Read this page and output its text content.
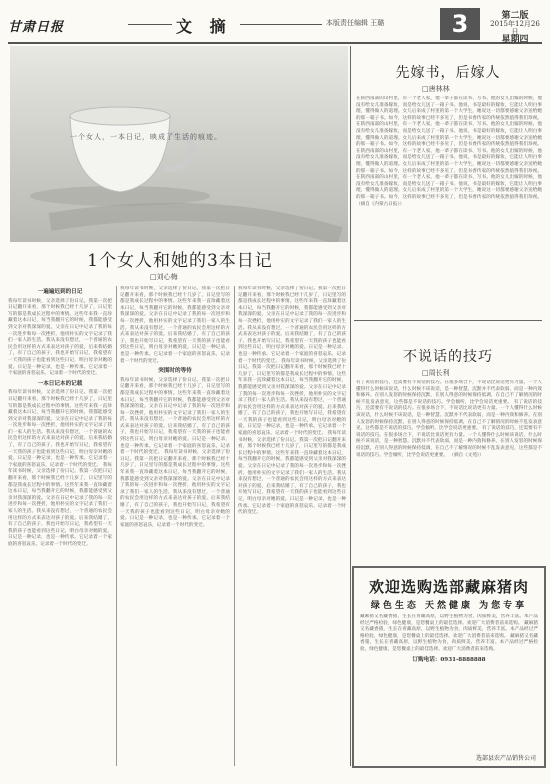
甘肃日报	文 摘	本版责任编辑 王璐	3	第二版
2015年12月26日
星期四
一个女人，一本日记，映成了生活的痕迹。
1个女人和她的3本日记
□刘心梅
一遍遍迟到的日记
我每年读书时候，父亲选择了份日记。我第一次把日记翻开来看，那个时候我已经十几岁了，日记里写的都是我成长过程中的事情。这些年来我一直珍藏着这本日记，每当我翻开它的时候，我都能感受到父亲对我深深的爱。父亲在日记中记录了我的每一次进步和每一次挫折，他用朴实的文字记录了我们一家人的生活。我从来没有想过，一个普通的农民会用这样的方式来表达对孩子的爱。后来我结婚了，有了自己的孩子，我也开始写日记，我希望有一天我的孩子也能看到这些日记，明白母亲对她的爱。日记是一种记录，也是一种传承。它记录着一个家庭的喜怒哀乐，记录着一个时代的变迁。
一本日记本的记载
我每年读书时候，父亲选择了份日记。我第一次把日记翻开来看，那个时候我已经十几岁了，日记里写的都是我成长过程中的事情。这些年来我一直珍藏着这本日记，每当我翻开它的时候，我都能感受到父亲对我深深的爱。父亲在日记中记录了我的每一次进步和每一次挫折，他用朴实的文字记录了我们一家人的生活。我从来没有想过，一个普通的农民会用这样的方式来表达对孩子的爱。后来我结婚了，有了自己的孩子，我也开始写日记，我希望有一天我的孩子也能看到这些日记，明白母亲对她的爱。日记是一种记录，也是一种传承。它记录着一个家庭的喜怒哀乐，记录着一个时代的变迁。 我每年读书时候，父亲选择了份日记。我第一次把日记翻开来看，那个时候我已经十几岁了，日记里写的都是我成长过程中的事情。这些年来我一直珍藏着这本日记，每当我翻开它的时候，我都能感受到父亲对我深深的爱。父亲在日记中记录了我的每一次进步和每一次挫折，他用朴实的文字记录了我们一家人的生活。我从来没有想过，一个普通的农民会用这样的方式来表达对孩子的爱。后来我结婚了，有了自己的孩子，我也开始写日记，我希望有一天我的孩子也能看到这些日记，明白母亲对她的爱。日记是一种记录，也是一种传承。它记录着一个家庭的喜怒哀乐，记录着一个时代的变迁。
我每年读书时候，父亲选择了份日记。我第一次把日记翻开来看，那个时候我已经十几岁了，日记里写的都是我成长过程中的事情。这些年来我一直珍藏着这本日记，每当我翻开它的时候，我都能感受到父亲对我深深的爱。父亲在日记中记录了我的每一次进步和每一次挫折，他用朴实的文字记录了我们一家人的生活。我从来没有想过，一个普通的农民会用这样的方式来表达对孩子的爱。后来我结婚了，有了自己的孩子，我也开始写日记，我希望有一天我的孩子也能看到这些日记，明白母亲对她的爱。日记是一种记录，也是一种传承。它记录着一个家庭的喜怒哀乐，记录着一个时代的变迁。
突围时的等待
我每年读书时候，父亲选择了份日记。我第一次把日记翻开来看，那个时候我已经十几岁了，日记里写的都是我成长过程中的事情。这些年来我一直珍藏着这本日记，每当我翻开它的时候，我都能感受到父亲对我深深的爱。父亲在日记中记录了我的每一次进步和每一次挫折，他用朴实的文字记录了我们一家人的生活。我从来没有想过，一个普通的农民会用这样的方式来表达对孩子的爱。后来我结婚了，有了自己的孩子，我也开始写日记，我希望有一天我的孩子也能看到这些日记，明白母亲对她的爱。日记是一种记录，也是一种传承。它记录着一个家庭的喜怒哀乐，记录着一个时代的变迁。 我每年读书时候，父亲选择了份日记。我第一次把日记翻开来看，那个时候我已经十几岁了，日记里写的都是我成长过程中的事情。这些年来我一直珍藏着这本日记，每当我翻开它的时候，我都能感受到父亲对我深深的爱。父亲在日记中记录了我的每一次进步和每一次挫折，他用朴实的文字记录了我们一家人的生活。我从来没有想过，一个普通的农民会用这样的方式来表达对孩子的爱。后来我结婚了，有了自己的孩子，我也开始写日记，我希望有一天我的孩子也能看到这些日记，明白母亲对她的爱。日记是一种记录，也是一种传承。它记录着一个家庭的喜怒哀乐，记录着一个时代的变迁。
我每年读书时候，父亲选择了份日记。我第一次把日记翻开来看，那个时候我已经十几岁了，日记里写的都是我成长过程中的事情。这些年来我一直珍藏着这本日记，每当我翻开它的时候，我都能感受到父亲对我深深的爱。父亲在日记中记录了我的每一次进步和每一次挫折，他用朴实的文字记录了我们一家人的生活。我从来没有想过，一个普通的农民会用这样的方式来表达对孩子的爱。后来我结婚了，有了自己的孩子，我也开始写日记，我希望有一天我的孩子也能看到这些日记，明白母亲对她的爱。日记是一种记录，也是一种传承。它记录着一个家庭的喜怒哀乐，记录着一个时代的变迁。 我每年读书时候，父亲选择了份日记。我第一次把日记翻开来看，那个时候我已经十几岁了，日记里写的都是我成长过程中的事情。这些年来我一直珍藏着这本日记，每当我翻开它的时候，我都能感受到父亲对我深深的爱。父亲在日记中记录了我的每一次进步和每一次挫折，他用朴实的文字记录了我们一家人的生活。我从来没有想过，一个普通的农民会用这样的方式来表达对孩子的爱。后来我结婚了，有了自己的孩子，我也开始写日记，我希望有一天我的孩子也能看到这些日记，明白母亲对她的爱。日记是一种记录，也是一种传承。它记录着一个家庭的喜怒哀乐，记录着一个时代的变迁。 我每年读书时候，父亲选择了份日记。我第一次把日记翻开来看，那个时候我已经十几岁了，日记里写的都是我成长过程中的事情。这些年来我一直珍藏着这本日记，每当我翻开它的时候，我都能感受到父亲对我深深的爱。父亲在日记中记录了我的每一次进步和每一次挫折，他用朴实的文字记录了我们一家人的生活。我从来没有想过，一个普通的农民会用这样的方式来表达对孩子的爱。后来我结婚了，有了自己的孩子，我也开始写日记，我希望有一天我的孩子也能看到这些日记，明白母亲对她的爱。日记是一种记录，也是一种传承。它记录着一个家庭的喜怒哀乐，记录着一个时代的变迁。
先嫁书，后嫁人
□唐林林
在陕西南部的山村里，有一个老人家，他一辈子都在读书、写书。他的女儿出嫁的时候，他没有给女儿准备嫁妆，而是给女儿送了一箱子书。他说，书是最好的嫁妆，它能让人明白事理，懂得做人的道理。女儿后来成了村里的第一个大学生，她说这一切都要感谢父亲送给她的那一箱子书。如今，这样的故事已经不多见了，但是书香传家的传统依然值得我们珍视。 在陕西南部的山村里，有一个老人家，他一辈子都在读书、写书。他的女儿出嫁的时候，他没有给女儿准备嫁妆，而是给女儿送了一箱子书。他说，书是最好的嫁妆，它能让人明白事理，懂得做人的道理。女儿后来成了村里的第一个大学生，她说这一切都要感谢父亲送给她的那一箱子书。如今，这样的故事已经不多见了，但是书香传家的传统依然值得我们珍视。 在陕西南部的山村里，有一个老人家，他一辈子都在读书、写书。他的女儿出嫁的时候，他没有给女儿准备嫁妆，而是给女儿送了一箱子书。他说，书是最好的嫁妆，它能让人明白事理，懂得做人的道理。女儿后来成了村里的第一个大学生，她说这一切都要感谢父亲送给她的那一箱子书。如今，这样的故事已经不多见了，但是书香传家的传统依然值得我们珍视。 在陕西南部的山村里，有一个老人家，他一辈子都在读书、写书。他的女儿出嫁的时候，他没有给女儿准备嫁妆，而是给女儿送了一箱子书。他说，书是最好的嫁妆，它能让人明白事理，懂得做人的道理。女儿后来成了村里的第一个大学生，她说这一切都要感谢父亲送给她的那一箱子书。如今，这样的故事已经不多见了，但是书香传家的传统依然值得我们珍视。 （摘自《内蒙古日报》）
不说话的技巧
□周长利
有了说话的技巧，还需要有不说话的技巧。在很多场合下，不说话比说话更有力量。一个人懂得什么时候该说话，什么时候不该说话，是一种智慧。沉默并不代表软弱，而是一种内敛和修养。在别人发怒的时候保持沉默，在别人得意的时候保持低调，在自己不了解情况的时候不乱发表意见，这些都是不说话的技巧。学会倾听，比学会说话更重要。 有了说话的技巧，还需要有不说话的技巧。在很多场合下，不说话比说话更有力量。一个人懂得什么时候该说话，什么时候不该说话，是一种智慧。沉默并不代表软弱，而是一种内敛和修养。在别人发怒的时候保持沉默，在别人得意的时候保持低调，在自己不了解情况的时候不乱发表意见，这些都是不说话的技巧。学会倾听，比学会说话更重要。 有了说话的技巧，还需要有不说话的技巧。在很多场合下，不说话比说话更有力量。一个人懂得什么时候该说话，什么时候不该说话，是一种智慧。沉默并不代表软弱，而是一种内敛和修养。在别人发怒的时候保持沉默，在别人得意的时候保持低调，在自己不了解情况的时候不乱发表意见，这些都是不说话的技巧。学会倾听，比学会说话更重要。 （摘自《文苑》）
欢迎选购选部藏麻猪肉
绿色生态 天然健康 为您专享
藏麻猪又名藏香猪，生长在青藏高原，以野生植物为食，肉质鲜美，营养丰富。本产品经过严格检验，绿色健康，是您餐桌上的最佳选择。欢迎广大消费者前来选购。 藏麻猪又名藏香猪，生长在青藏高原，以野生植物为食，肉质鲜美，营养丰富。本产品经过严格检验，绿色健康，是您餐桌上的最佳选择。欢迎广大消费者前来选购。 藏麻猪又名藏香猪，生长在青藏高原，以野生植物为食，肉质鲜美，营养丰富。本产品经过严格检验，绿色健康，是您餐桌上的最佳选择。欢迎广大消费者前来选购。
订购电话：0931-8888888
选部县农产品销售公司
